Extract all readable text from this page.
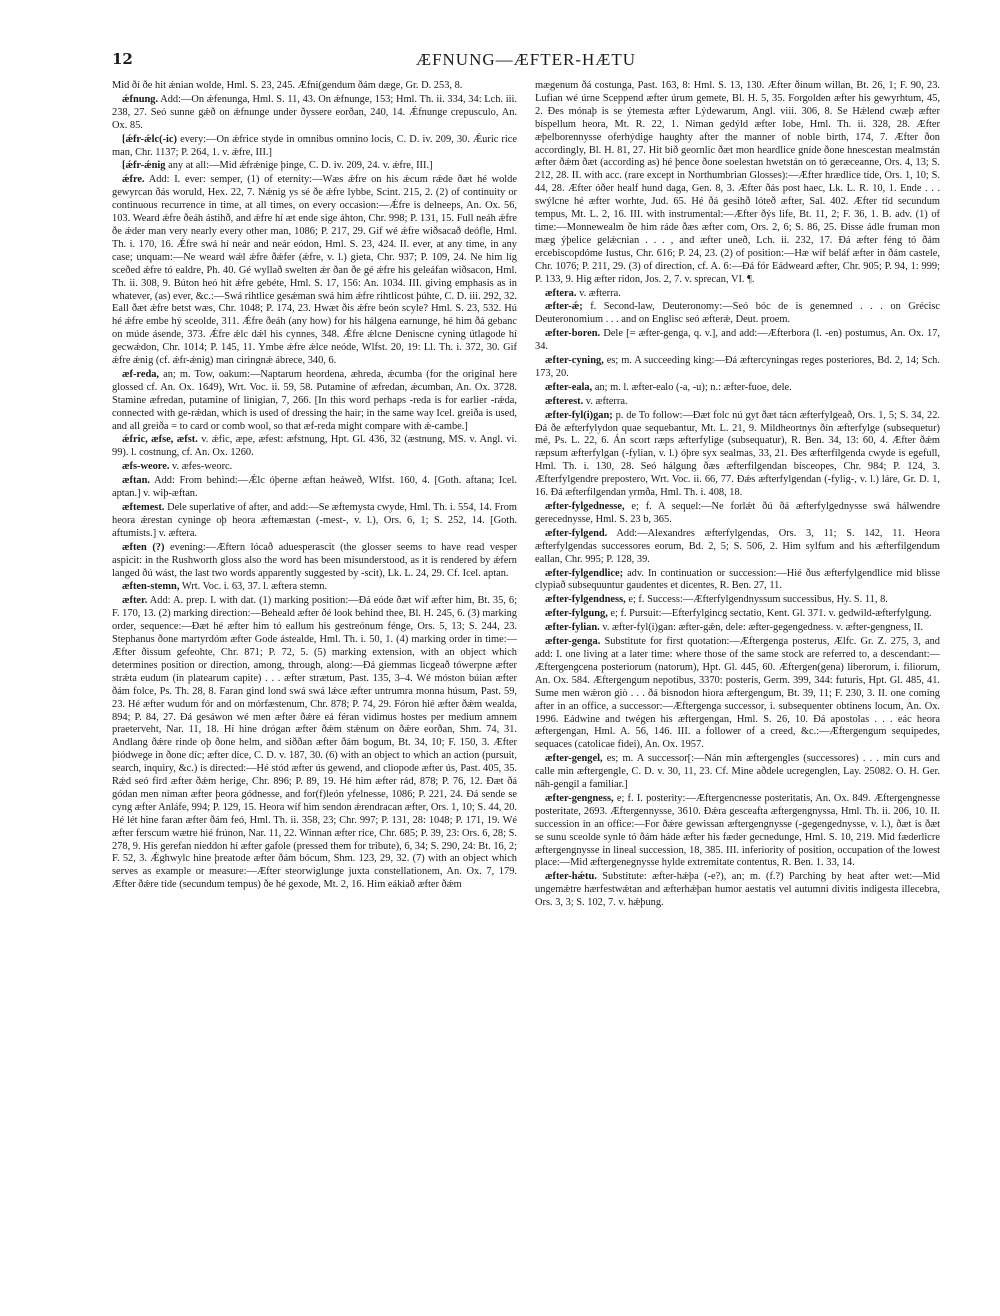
12	ÆFNUNG—ÆFTER-HÆTU

Mid ðí ðe hit ǽnian wolde, Hml. S. 23, 245. Ǽfni(gendum ðám dæge, Gr. D. 253, 8.

ǽfnung. Add:—On ǽfenunga, Hml. S. 11, 43. On ǽfnunge, 153; Hml. Th. ii. 334, 34: Lch. iii. 238, 27. Seó sunne gǽð on ǽfnunge under ðyssere eorðan, 240, 14. Ǽfnunge crepusculo, An. Ox. 85.

[ǽfr-ǽlc(-ic) every:—On ǽfrice styde in omnibus omnino locis, C. D. iv. 209, 30. Ǽuric rice man, Chr. 1137; P. 264, 1. v. ǽfre, III.]

[ǽfr-ǽnig any at all:—Mid ǽfrǽnige þinge, C. D. iv. 209, 24. v. ǽfre, III.]

ǽfre. Add: I. ever: semper, (1) of eternity:—Wæs ǽfre on his ǽcum rǽde ðæt hé wolde gewyrcan ðás woruld, Hex. 22, 7. Nǽnig ys sé ðe ǽfre lybbe, Scint. 215, 2. (2) of continuity or continuous recurrence in time, at all times, on every occasion:—Ǽfre is delneeps, An. Ox. 56, 103. Weard ǽfre ðeáh ástihð, and ǽfre hí æt ende sige áhton, Chr. 998; P. 131, 15. Full neáh ǽfre ðe ǽder man very nearly every other man, 1086; P. 217, 29. Gif wé ǽfre wiðsacað deófle, Hml. Th. i. 170, 16. Ǽfre swá hí neár and neár eódon, Hml. S. 23, 424. II. ever, at any time, in any case; unquam:—Ne weard wǽl ǽfre ðǽfer (ǽfre, v. l.) gieta, Chr. 937; P. 109, 24. Ne him líg sceðed ǽfre tó ealdre, Ph. 40. Gé wyllað swelten ǽr ðan ðe gé ǽfre his geleáfan wiðsacon, Hml. Th. ii. 308, 9. Búton heó hit ǽfre gebéte, Hml. S. 17, 156: An. 1034. III. giving emphasis as in whatever, (as) ever, &c.:—Swá rihtlice gesǽman swá him ǽfre rihtlicost þúhte, C. D. iii. 292, 32. Eall ðæt ǽfre betst wæs, Chr. 1048; P. 174, 23. Hwæt ðis ǽfre beón scyle? Hml. S. 23, 532. Hú hé ǽfre embe hý sceolde, 311. Ǽfre ðeáh (any how) for his hálgena earnunge, hé him ðá gebanc on múde ásende, 373. Ǽfre ǽlc dǽl his cynnes, 348. Ǽfre ǽlcne Deniscne cyning útlagode hí gecwǽdon, Chr. 1014; P. 145, 11. Ymbe ǽfre ǽlce neóde, Wlfst. 20, 19: Ll. Th. i. 372, 30. Gif ǽfre ǽnig (cf. ǽfr-ǽnig) man ciringnǽ ábrece, 340, 6.

æf-reda, an; m. Tow, oakum:—Naptarum heordena, æhreda, ǽcumba (for the original here glossed cf. An. Ox. 1649), Wrt. Voc. ii. 59, 58. Putamine of æfredan, ǽcumban, An. Ox. 3728. Stamine æfredan, putamine of linigian, 7, 266. [In this word perhaps -reda is for earlier -rǽda, connected with ge-rǽdan, which is used of dressing the hair; in the same way Icel. greiða is used, and all greiða = to card or comb wool, so that æf-reda might compare with ǽ-cambe.]

ǽfric, æfse, æfst. v. ǽfic, æpe, æfest: æfstnung, Hpt. Gl. 436, 32 (æstnung, MS. v. Angl. vi. 99). l. costnung, cf. An. Ox. 1260.

æfs-weore. v. æfes-weorc.

æftan. Add: From behind:—Ǽlc óþerne æftan heáweð, Wlfst. 160, 4. [Goth. aftana; Icel. aptan.] v. wiþ-æftan.

æftemest. Dele superlative of after, and add:—Se æftemysta cwyde, Hml. Th. i. 554, 14. From heora ǽrestan cyninge oþ heora æftemæstan (-mest-, v. l.), Ors. 6, 1; S. 252, 14. [Goth. aftumists.] v. æftera.

æften (?) evening:—Æftern lócað aduesperascit (the glosser seems to have read vesper aspicit: in the Rushworth gloss also the word has been misunderstood, as it is rendered by ǽfern langed ðú wást, the last two words apparently suggested by -scit), Lk. L. 24, 29. Cf. Icel. aptan.

æften-stemn, Wrt. Voc. i. 63, 37. l. æftera stemn.

æfter. Add: A. prep. I. with dat. (1) marking position:—Ðá eóde ðæt wíf æfter him, Bt. 35, 6; F. 170, 13. (2) marking direction:—Beheald æfter ðé look behind thee, Bl. H. 245, 6. (3) marking order, sequence:—Ðæt hé æfter him tó eallum his gestreónum fénge, Ors. 5, 13; S. 244, 23. Stephanus ðone martyrdóm æfter Gode ástealde, Hml. Th. i. 50, 1. (4) marking order in time:—Æfter ðissum gefeohte, Chr. 871; P. 72, 5. (5) marking extension, with an object which determines position or direction, among, through, along:—Ðá giemmas licgeað tówerpne æfter strǽta eudum (in platearum capite) . . . æfter strætum, Past. 135, 3–4. Wé móston búian æfter ðám folce, Ps. Th. 28, 8. Faran gind lond swá swá lǽce æfter untrumra monna húsum, Past. 59, 23. Hé æfter wudum fór and on mórfæstenum, Chr. 878; P. 74, 29. Fóron hié æfter ðǽm wealda, 894; P. 84, 27. Ðá gesáwon wé men æfter ðǽre eá féran vidimus hostes per medium amnem praeterveht, Nar. 11, 18. Hí hine drógan æfter ðǽm stǽnum on ðǽre eorðan, Shm. 74, 31. Andlang ðǽre rinde oþ ðone helm, and siððan æfter ðám bogum, Bt. 34, 10; F. 150, 3. Æfter þiódwege in ðone díc; æfter díce, C. D. v. 187, 30. (6) with an object to which an action (pursuit, search, inquiry, &c.) is directed:—Hé stód æfter ús gewend, and cliopode æfter ús, Past. 405, 35. Rǽd seó fird æfter ðǽm herige, Chr. 896; P. 89, 19. Hé him æfter rád, 878; P. 76, 12. Ðæt ðá gódan men niman æfter þeora gódnesse, and for(f)león yfelnesse, 1086; P. 221, 24. Ðá sende se cyng æfter Anláfe, 994; P. 129, 15. Heora wíf him sendon ǽrendracan æfter, Ors. 1, 10; S. 44, 20. Hé lét hine faran æfter ðám feó, Hml. Th. ii. 358, 23; Chr. 997; P. 131, 28: 1048; P. 171, 19. Wé æfter ferscum wætre hié frúnon, Nar. 11, 22. Winnan æfter rice, Chr. 685; P. 39, 23: Ors. 6, 28; S. 278, 9. His gerefan nieddon hí æfter gafole (pressed them for tribute), 6, 34; S. 290, 24: Bt. 16, 2; F. 52, 3. Ǽghwylc hine þreatode æfter ðám bócum, Shm. 123, 29, 32. (7) with an object which serves as example or measure:—Æfter steorwiglunge juxta constellationem, An. Ox. 7, 179. Æfter ðǽre tíde (secundum tempus) ðe hé gexode, Mt. 2, 16. Him eákiað æfter ðǽm

mægenum ðá costunga, Past. 163, 8: Hml. S. 13, 130. Æfter ðínum willan, Bt. 26, 1; F. 90, 23. Lufian wé úrne Sceppend æfter úrum gemete, Bl. H. 5, 35. Forgolden æfter his gewyrhtum, 45, 2. Ðes mónaþ is se ýtemesta æfter Lýdewarum, Angl. viii. 306, 8. Se Hǽlend cwæþ æfter bíspellum heora, Mt. R. 22, 1. Niman gedýld æfter Iobe, Hml. Th. ii. 328, 28. Æfter æþelborennysse oferhýdige haughty after the manner of noble birth, 174, 7. Æfter ðon accordingly, Bl. H. 81, 27. Hit bið geornlic ðæt mon heardlice gníde ðone hnescestan mealmstán æfter ðǽm ðæt (according as) hé þence ðone soelestan hwetstán on tó geræceanne, Ors. 4, 13; S. 212, 28. II. with acc. (rare except in Northumbrian Glosses):—Æfter hrædlice tíde, Ors. 1, 10; S. 44, 28. Æfter óðer healf hund daga, Gen. 8, 3. Æfter ðás post haec, Lk. L. R. 10, 1. Ende . . . swýlcne hé æfter worhte, Jud. 65. Hé ðá gesihð lóteð æfter, Sal. 402. Æfter tíd secundum tempus, Mt. L. 2, 16. III. with instrumental:—Æfter ðýs life, Bt. 11, 2; F. 36, 1. B. adv. (1) of time:—Monnewealm ðe him ráde ðæs æfter com, Ors. 2, 6; S. 86, 25. Ðisse ádle fruman mon mæg ýþelice gelǽcnian . . . , and æfter uneð, Lch. ii. 232, 17. Ðá æfter féng tó ðám ercebiscopdóme Iustus, Chr. 616; P. 24, 23. (2) of position:—Hæ wíf beláf æfter in ðám castele, Chr. 1076; P. 211, 29. (3) of direction, cf. A. 6:—Ðá fór Eádweard æfter, Chr. 905; P. 94, 1: 999; P. 133, 9. Hig æfter ridon, Jos. 2, 7. v. sprecan, VI. ¶.

æftera. v. æfterra.

æfter-ǽ; f. Second-law, Deuteronomy:—Seó bóc de is genemned . . . on Grécisc Deuteronomium . . . and on Englisc seó æfterǽ, Deut. proem.

æfter-boren. Dele [= æfter-genga, q. v.], and add:—Æfterbora (l. -en) postumus, An. Ox. 17, 34.

æfter-cyning, es; m. A succeeding king:—Ðá æftercyningas reges posteriores, Bd. 2, 14; Sch. 173, 20.

æfter-eala, an; m. l. æfter-ealo (-a, -u); n.: æfter-fuoe, dele.

æfterest. v. æfterra.

æfter-fyl(i)gan; p. de To follow:—Ðæt folc nú gyt ðæt tácn æfterfylgeað, Ors. 1, 5; S. 34, 22. Ðá ðe æfterfylydon quae sequebantur, Mt. L. 21, 9. Mildheortnys ðín æfterfylge (subsequetur) mé, Ps. L. 22, 6. Án scort ræps æfterfylige (subsequatur), R. Ben. 34, 13: 60, 4. Æfter ðǽm ræpsum æfterfylgan (-fylian, v. l.) óþre syx sealmas, 33, 21. Ðes æfterfilgenda cwyde is egefull, Hml. Th. i. 130, 28. Seó hálgung ðæs æfterfilgendan bisceopes, Chr. 984; P. 124, 3. Æfterfylgendre prepostero, Wrt. Voc. ii. 66, 77. Ðǽs æfterfylgendan (-fylig-, v. l.) láre, Gr. D. 1, 16. Ðá æfterfilgendan yrmða, Hml. Th. i. 408, 18.

æfter-fylgednesse, e; f. A sequel:—Ne forlǽt ðú ðá æfterfylgednysse swá hálwendre gerecednysse, Hml. S. 23 b, 365.

æfter-fylgend. Add:—Alexandres æfterfylgendas, Ors. 3, 11; S. 142, 11. Heora æfterfylgendas successores eorum, Bd. 2, 5; S. 506, 2. Him sylfum and his æfterfilgendum eallan, Chr. 995; P. 128, 39.

æfter-fylgendlice; adv. In continuation or succession:—Hié ðus æfterfylgendlice mid blisse clypiað subsequuntur gaudentes et dicentes, R. Ben. 27, 11.

æfter-fylgendness, e; f. Success:—Æfterfylgendnyssum successibus, Hy. S. 11, 8.

æfter-fylgung, e; f. Pursuit:—Efterfylgincg sectatio, Kent. Gl. 371. v. gedwild-æfterfylgung.

æfter-fylian. v. æfter-fyl(i)gan: æfter-gǽn, dele: æfter-gegengedness. v. æfter-gengness, II.

æfter-genga. Substitute for first quotation:—Æftergenga posterus, Ælfc. Gr. Z. 275, 3, and add: I. one living at a later time: where those of the same stock are referred to, a descendant:—Æftergengcena posteriorum (natorum), Hpt. Gl. 445, 60. Æftergen(gena) liberorum, i. filiorum, An. Ox. 584. Æftergengum nepotibus, 3370: posteris, Germ. 399, 344: futuris, Hpt. Gl. 485, 41. Sume men wǽron giò . . . ðá bisnodon hiora æftergengum, Bt. 39, 11; F. 230, 3. II. one coming after in an office, a successor:—Æftergenga successor, i. subsequenter obtinens locum, An. Ox. 1996. Eádwine and twégen his æftergengan, Hml. S. 26, 10. Ðá apostolas . . . eác heora æftergengan, Hml. A. 56, 146. III. a follower of a creed, &c.:—Æftergengum sequipedes, sequaces (catolicae fidei), An. Ox. 1957.

æfter-gengel, es; m. A successor[:—Nán min æftergengles (successores) . . . min curs and calle min æftergengle, C. D. v. 30, 11, 23. Cf. Mine aðdele ucregenglen, Lay. 25082. O. H. Ger. nāh-gengil a familiar.]

æfter-gengness, e; f. I. posterity:—Æftergencnesse posteritatis, An. Ox. 849. Æftergengnesse posteritate, 2693. Æftergennysse, 3610. Ðǽra gesceafta æftergengnyssa, Hml. Th. ii. 206, 10. II. succession in an office:—For ðǽre gewissan æftergengnysse (-gegengednysse, v. l.), ðæt is ðæt se sunu sceolde synle tó ðám háde æfter his fæder gecnedunge, Hml. S. 10, 219. Mid fæderlicre æftergengnysse in lineal succession, 18, 385. III. inferiority of position, occupation of the lowest place:—Mid æftergenegnysse hylde extremitate contentus, R. Ben. 1. 33, 14.

æfter-hǽtu. Substitute: æfter-hǽþa (-e?), an; m. (f.?) Parching by heat after wet:—Mid ungemǽtre hærfestwǽtan and æfterhǽþan humor aestatis vel autumni divitis indigesta illecebra, Ors. 3, 3; S. 102, 7. v. hǽþung.
